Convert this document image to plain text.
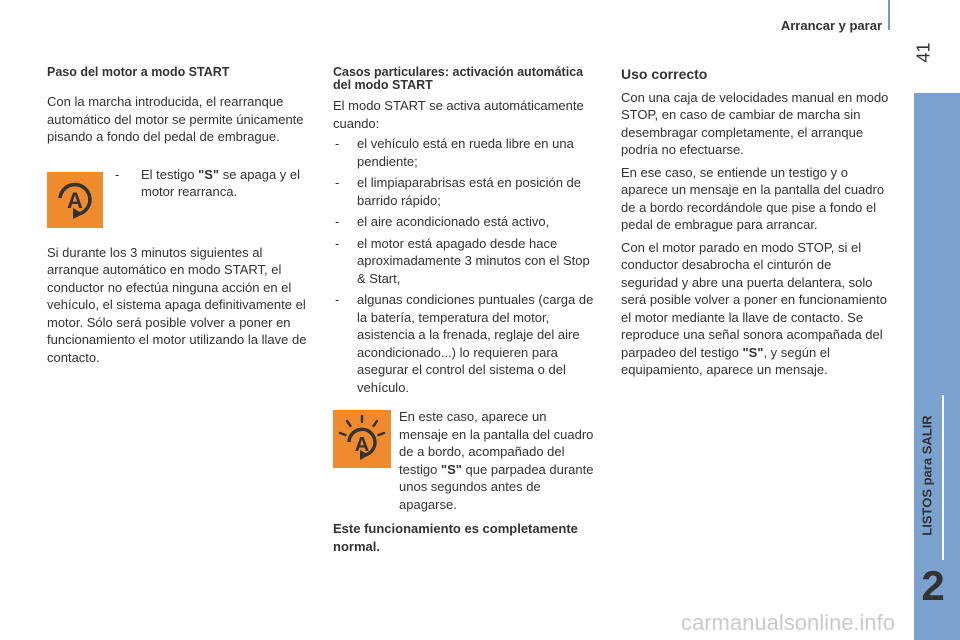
Arrancar y parar
41
LISTOS para SALIR
2
Paso del motor a modo START

Con la marcha introducida, el rearranque automático del motor se permite únicamente pisando a fondo del pedal de embrague.

A
-	El testigo "S" se apaga y el motor rearranca.

Si durante los 3 minutos siguientes al arranque automático en modo START, el conductor no efectúa ninguna acción en el vehículo, el sistema apaga definitivamente el motor. Sólo será posible volver a poner en funcionamiento el motor utilizando la llave de contacto.

Casos particulares: activación automática del modo START

El modo START se activa automáticamente cuando:

- el vehículo está en rueda libre en una pendiente;
- el limpiaparabrisas está en posición de barrido rápido;
- el aire acondicionado está activo,
- el motor está apagado desde hace aproximadamente 3 minutos con el Stop & Start,
- algunas condiciones puntuales (carga de la batería, temperatura del motor, asistencia a la frenada, reglaje del aire acondicionado...) lo requieren para asegurar el control del sistema o del vehículo.
A
En este caso, aparece un mensaje en la pantalla del cuadro de a bordo, acompañado del testigo "S" que parpadea durante unos segundos antes de apagarse.

Este funcionamiento es completamente normal.

Uso correcto

Con una caja de velocidades manual en modo STOP, en caso de cambiar de marcha sin desembragar completamente, el arranque podría no efectuarse.

En ese caso, se entiende un testigo y o aparece un mensaje en la pantalla del cuadro de a bordo recordándole que pise a fondo el pedal de embrague para arrancar.

Con el motor parado en modo STOP, si el conductor desabrocha el cinturón de seguridad y abre una puerta delantera, solo será posible volver a poner en funcionamiento el motor mediante la llave de contacto. Se reproduce una señal sonora acompañada del parpadeo del testigo "S", y según el equipamiento, aparece un mensaje.

carmanualsonline.info
